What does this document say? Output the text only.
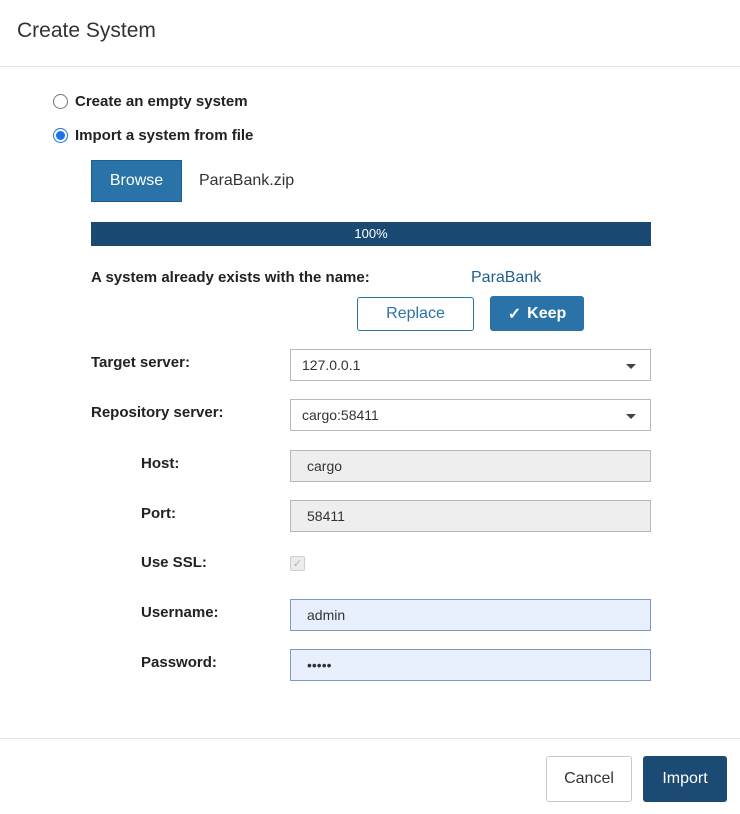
Create System
Create an empty system
Import a system from file
Browse	ParaBank.zip
100%
A system already exists with the name:	ParaBank
Replace	✓ Keep
Target server:	127.0.0.1
Repository server:	cargo:58411
Host:	cargo
Port:	58411
Use SSL:	✓
Username:	admin
Password:	•••••
Cancel	Import
